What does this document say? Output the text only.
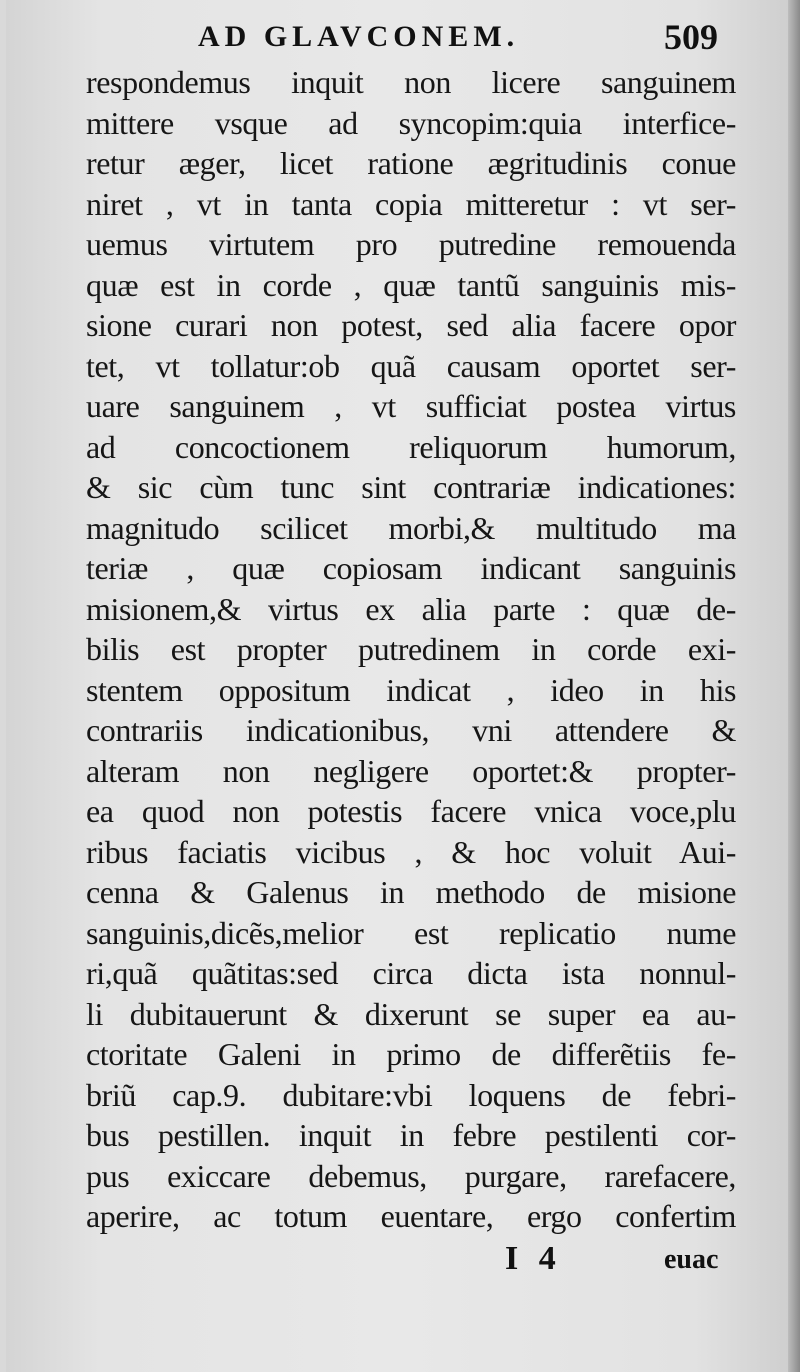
AD GLAVCONEM.	509
respondemus inquit non licere sanguinem
mittere vsque ad syncopim:quia interfice-
retur æger, licet ratione ægritudinis conue
niret , vt in tanta copia mitteretur : vt ser-
uemus virtutem pro putredine remouenda
quæ est in corde , quæ tantũ sanguinis mis-
sione curari non potest, sed alia facere opor
tet, vt tollatur:ob quã causam oportet ser-
uare sanguinem , vt sufficiat postea virtus
ad concoctionem reliquorum humorum,
& sic cùm tunc sint contrariæ indicationes:
magnitudo scilicet morbi,& multitudo ma
teriæ , quæ copiosam indicant sanguinis
misionem,& virtus ex alia parte : quæ de-
bilis est propter putredinem in corde exi-
stentem oppositum indicat , ideo in his
contrariis indicationibus, vni attendere &
alteram non negligere oportet:& propter-
ea quod non potestis facere vnica voce,plu
ribus faciatis vicibus , & hoc voluit Aui-
cenna & Galenus in methodo de misione
sanguinis,dicẽs,melior est replicatio nume
ri,quã quãtitas:sed circa dicta ista nonnul-
li dubitauerunt & dixerunt se super ea au-
ctoritate Galeni in primo de differẽtiis fe-
briũ cap.9. dubitare:vbi loquens de febri-
bus pestillen. inquit in febre pestilenti cor-
pus exiccare debemus, purgare, rarefacere,
aperire, ac totum euentare, ergo confertim
I 4	euac
